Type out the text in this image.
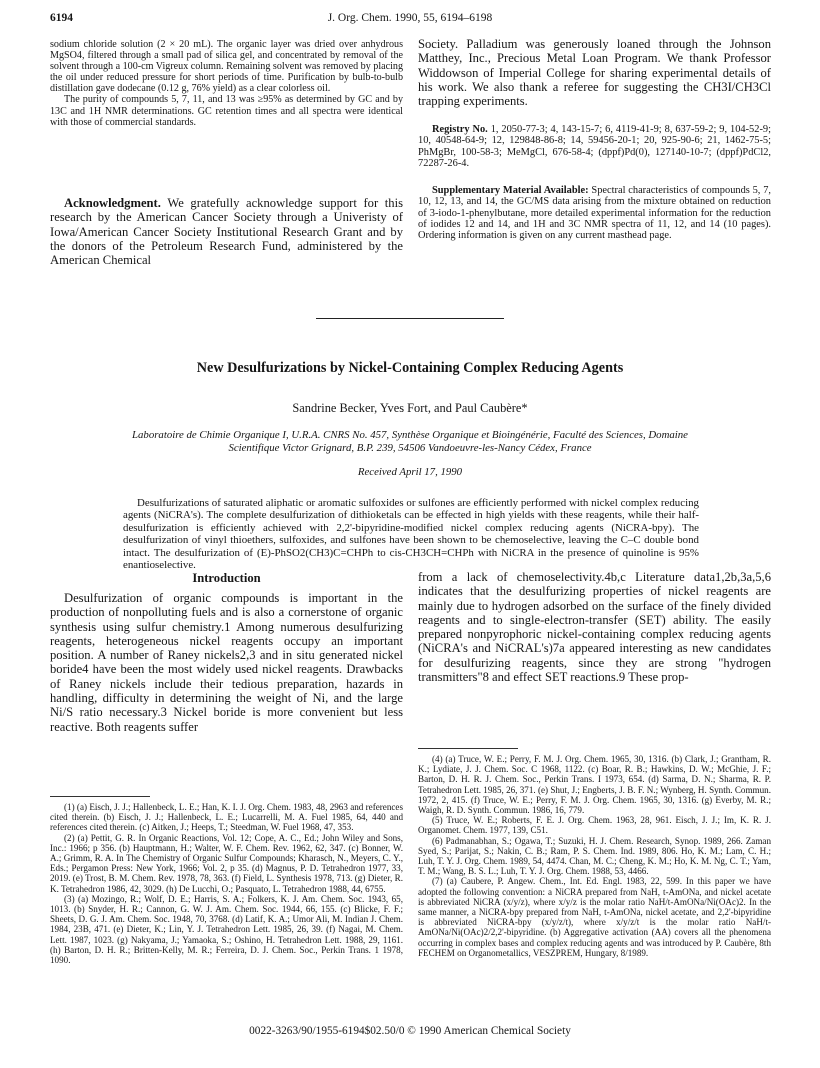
6194	J. Org. Chem. 1990, 55, 6194–6198

sodium chloride solution (2 × 20 mL). The organic layer was dried over anhydrous MgSO4, filtered through a small pad of silica gel, and concentrated by removal of the solvent through a 100-cm Vigreux column. Remaining solvent was removed by placing the oil under reduced pressure for short periods of time. Purification by bulb-to-bulb distillation gave dodecane (0.12 g, 76% yield) as a clear colorless oil.

The purity of compounds 5, 7, 11, and 13 was ≥95% as determined by GC and by 13C and 1H NMR determinations. GC retention times and all spectra were identical with those of commercial standards.

Acknowledgment. We gratefully acknowledge support for this research by the American Cancer Society through a Univeristy of Iowa/American Cancer Society Institutional Research Grant and by the donors of the Petroleum Research Fund, administered by the American Chemical

Society. Palladium was generously loaned through the Johnson Matthey, Inc., Precious Metal Loan Program. We thank Professor Widdowson of Imperial College for sharing experimental details of his work. We also thank a referee for suggesting the CH3I/CH3Cl trapping experiments.

Registry No. 1, 2050-77-3; 4, 143-15-7; 6, 4119-41-9; 8, 637-59-2; 9, 104-52-9; 10, 40548-64-9; 12, 129848-86-8; 14, 59456-20-1; 20, 925-90-6; 21, 1462-75-5; PhMgBr, 100-58-3; MeMgCl, 676-58-4; (dppf)Pd(0), 127140-10-7; (dppf)PdCl2, 72287-26-4.

Supplementary Material Available: Spectral characteristics of compounds 5, 7, 10, 12, 13, and 14, the GC/MS data arising from the mixture obtained on reduction of 3-iodo-1-phenylbutane, more detailed experimental information for the reduction of iodides 12 and 14, and 1H and 3C NMR spectra of 11, 12, and 14 (10 pages). Ordering information is given on any current masthead page.

New Desulfurizations by Nickel-Containing Complex Reducing Agents
Sandrine Becker, Yves Fort, and Paul Caubère*
Laboratoire de Chimie Organique I, U.R.A. CNRS No. 457, Synthèse Organique et Bioingénérie, Faculté des Sciences, Domaine Scientifique Victor Grignard, B.P. 239, 54506 Vandoeuvre-les-Nancy Cédex, France
Received April 17, 1990

Desulfurizations of saturated aliphatic or aromatic sulfoxides or sulfones are efficiently performed with nickel complex reducing agents (NiCRA's). The complete desulfurization of dithioketals can be effected in high yields with these reagents, while their half-desulfurization is efficiently achieved with 2,2'-bipyridine-modified nickel complex reducing agents (NiCRA-bpy). The desulfurization of vinyl thioethers, sulfoxides, and sulfones have been shown to be chemoselective, leaving the C–C double bond intact. The desulfurization of (E)-PhSO2(CH3)C=CHPh to cis-CH3CH=CHPh with NiCRA in the presence of quinoline is 95% enantioselective.

Introduction

Desulfurization of organic compounds is important in the production of nonpolluting fuels and is also a cornerstone of organic synthesis using sulfur chemistry.1 Among numerous desulfurizing reagents, heterogeneous nickel reagents occupy an important position. A number of Raney nickels2,3 and in situ generated nickel boride4 have been the most widely used nickel reagents. Drawbacks of Raney nickels include their tedious preparation, hazards in handling, difficulty in determining the weight of Ni, and the large Ni/S ratio necessary.3 Nickel boride is more convenient but less reactive. Both reagents suffer

from a lack of chemoselectivity.4b,c Literature data1,2b,3a,5,6 indicates that the desulfurizing properties of nickel reagents are mainly due to hydrogen adsorbed on the surface of the finely divided reagents and to single-electron-transfer (SET) ability. The easily prepared nonpyrophoric nickel-containing complex reducing agents (NiCRA's and NiCRAL's)7a appeared interesting as new candidates for desulfurizing reagents, since they are strong "hydrogen transmitters"8 and effect SET reactions.9 These prop-

(1) (a) Eisch, J. J.; Hallenbeck, L. E.; Han, K. I. J. Org. Chem. 1983, 48, 2963 and references cited therein. (b) Eisch, J. J.; Hallenbeck, L. E.; Lucarrelli, M. A. Fuel 1985, 64, 440 and references cited therein. (c) Aitken, J.; Heeps, T.; Steedman, W. Fuel 1968, 47, 353.

(2) (a) Pettit, G. R. In Organic Reactions, Vol. 12; Cope, A. C., Ed.; John Wiley and Sons, Inc.: 1966; p 356. (b) Hauptmann, H.; Walter, W. F. Chem. Rev. 1962, 62, 347. (c) Bonner, W. A.; Grimm, R. A. In The Chemistry of Organic Sulfur Compounds; Kharasch, N., Meyers, C. Y., Eds.; Pergamon Press: New York, 1966; Vol. 2, p 35. (d) Magnus, P. D. Tetrahedron 1977, 33, 2019. (e) Trost, B. M. Chem. Rev. 1978, 78, 363. (f) Field, L. Synthesis 1978, 713. (g) Dieter, R. K. Tetrahedron 1986, 42, 3029. (h) De Lucchi, O.; Pasquato, L. Tetrahedron 1988, 44, 6755.

(3) (a) Mozingo, R.; Wolf, D. E.; Harris, S. A.; Folkers, K. J. Am. Chem. Soc. 1943, 65, 1013. (b) Snyder, H. R.; Cannon, G. W. J. Am. Chem. Soc. 1944, 66, 155. (c) Blicke, F. F.; Sheets, D. G. J. Am. Chem. Soc. 1948, 70, 3768. (d) Latif, K. A.; Umor Ali, M. Indian J. Chem. 1984, 23B, 471. (e) Dieter, K.; Lin, Y. J. Tetrahedron Lett. 1985, 26, 39. (f) Nagai, M. Chem. Lett. 1987, 1023. (g) Nakyama, J.; Yamaoka, S.; Oshino, H. Tetrahedron Lett. 1988, 29, 1161. (h) Barton, D. H. R.; Britten-Kelly, M. R.; Ferreira, D. J. Chem. Soc., Perkin Trans. 1 1978, 1090.

(4) (a) Truce, W. E.; Perry, F. M. J. Org. Chem. 1965, 30, 1316. (b) Clark, J.; Grantham, R. K.; Lydiate, J. J. Chem. Soc. C 1968, 1122. (c) Boar, R. B.; Hawkins, D. W.; McGhie, J. F.; Barton, D. H. R. J. Chem. Soc., Perkin Trans. I 1973, 654. (d) Sarma, D. N.; Sharma, R. P. Tetrahedron Lett. 1985, 26, 371. (e) Shut, J.; Engberts, J. B. F. N.; Wynberg, H. Synth. Commun. 1972, 2, 415. (f) Truce, W. E.; Perry, F. M. J. Org. Chem. 1965, 30, 1316. (g) Everby, M. R.; Waigh, R. D. Synth. Commun. 1986, 16, 779.

(5) Truce, W. E.; Roberts, F. E. J. Org. Chem. 1963, 28, 961. Eisch, J. J.; Im, K. R. J. Organomet. Chem. 1977, 139, C51.

(6) Padmanabhan, S.; Ogawa, T.; Suzuki, H. J. Chem. Research, Synop. 1989, 266. Zaman Syed, S.; Parijat, S.; Nakin, C. B.; Ram, P. S. Chem. Ind. 1989, 806. Ho, K. M.; Lam, C. H.; Luh, T. Y. J. Org. Chem. 1989, 54, 4474. Chan, M. C.; Cheng, K. M.; Ho, K. M. Ng, C. T.; Yam, T. M.; Wang, B. S. L.; Luh, T. Y. J. Org. Chem. 1988, 53, 4466.

(7) (a) Caubere, P. Angew. Chem., Int. Ed. Engl. 1983, 22, 599. In this paper we have adopted the following convention: a NiCRA prepared from NaH, t-AmONa, and nickel acetate is abbreviated NiCRA (x/y/z), where x/y/z is the molar ratio NaH/t-AmONa/Ni(OAc)2. In the same manner, a NiCRA-bpy prepared from NaH, t-AmONa, nickel acetate, and 2,2'-bipyridine is abbreviated NiCRA-bpy (x/y/z/t), where x/y/z/t is the molar ratio NaH/t-AmONa/Ni(OAc)2/2,2'-bipyridine. (b) Aggregative activation (AA) covers all the phenomena occurring in complex bases and complex reducing agents and was introduced by P. Caubère, 8th FECHEM on Organometallics, VESZPREM, Hungary, 8/1989.

0022-3263/90/1955-6194$02.50/0 © 1990 American Chemical Society
